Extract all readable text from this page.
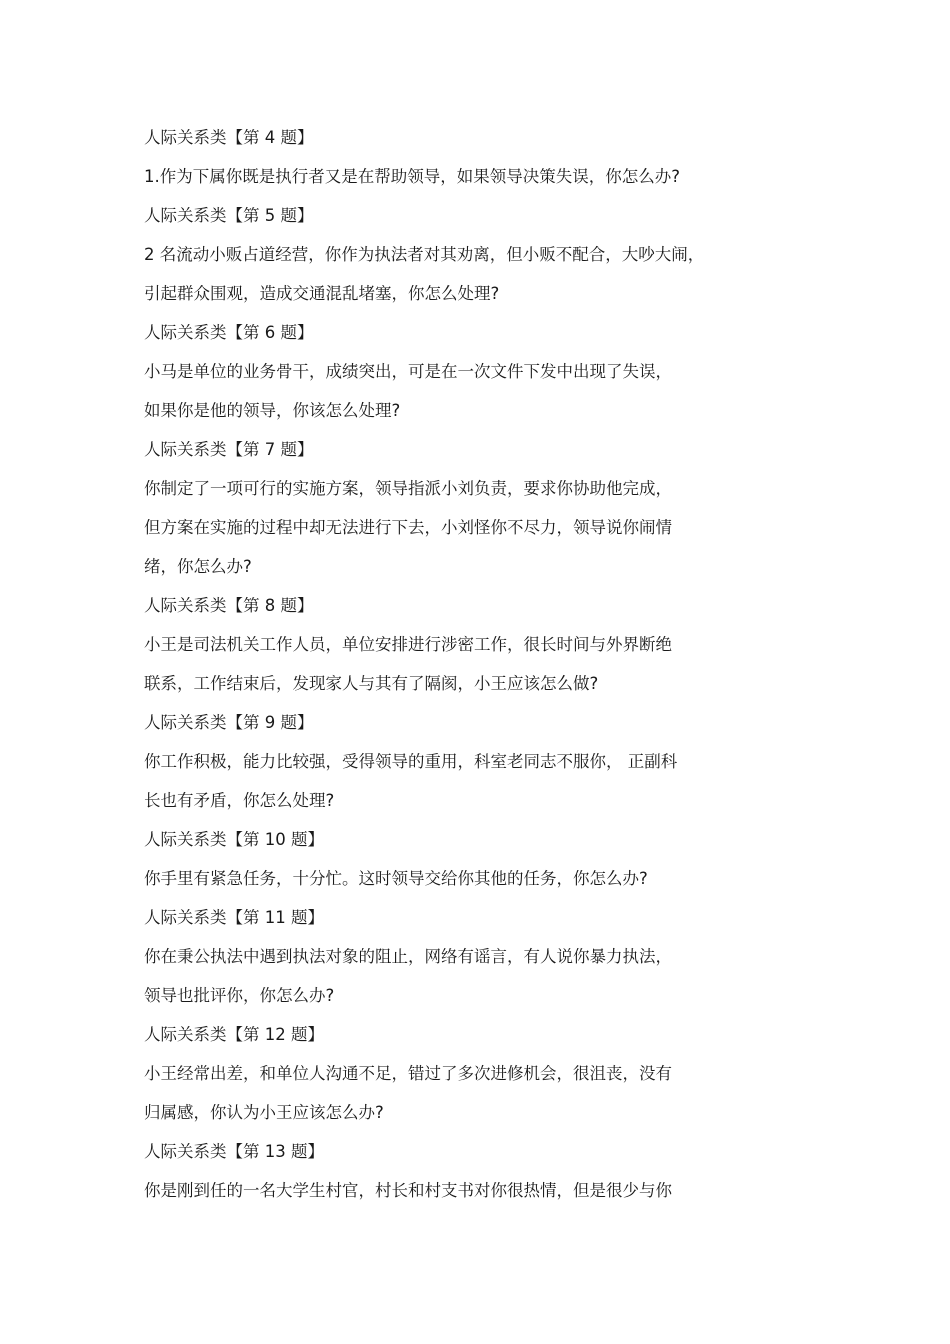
人际关系类【第 4 题】
1.作为下属你既是执行者又是在帮助领导，如果领导决策失误，你怎么办?
人际关系类【第 5 题】
2 名流动小贩占道经营，你作为执法者对其劝离，但小贩不配合，大吵大闹，
引起群众围观，造成交通混乱堵塞，你怎么处理?
人际关系类【第 6 题】
小马是单位的业务骨干，成绩突出，可是在一次文件下发中出现了失误，
如果你是他的领导，你该怎么处理?
人际关系类【第 7 题】
你制定了一项可行的实施方案，领导指派小刘负责，要求你协助他完成，
但方案在实施的过程中却无法进行下去，小刘怪你不尽力，领导说你闹情
绪，你怎么办?
人际关系类【第 8 题】
小王是司法机关工作人员，单位安排进行涉密工作，很长时间与外界断绝
联系，工作结束后，发现家人与其有了隔阂，小王应该怎么做?
人际关系类【第 9 题】
你工作积极，能力比较强，受得领导的重用，科室老同志不服你， 正副科
长也有矛盾，你怎么处理?
人际关系类【第 10 题】
你手里有紧急任务，十分忙。这时领导交给你其他的任务，你怎么办?
人际关系类【第 11 题】
你在秉公执法中遇到执法对象的阻止，网络有谣言，有人说你暴力执法，
领导也批评你，你怎么办?
人际关系类【第 12 题】
小王经常出差，和单位人沟通不足，错过了多次进修机会，很沮丧，没有
归属感，你认为小王应该怎么办?
人际关系类【第 13 题】
你是刚到任的一名大学生村官，村长和村支书对你很热情，但是很少与你
